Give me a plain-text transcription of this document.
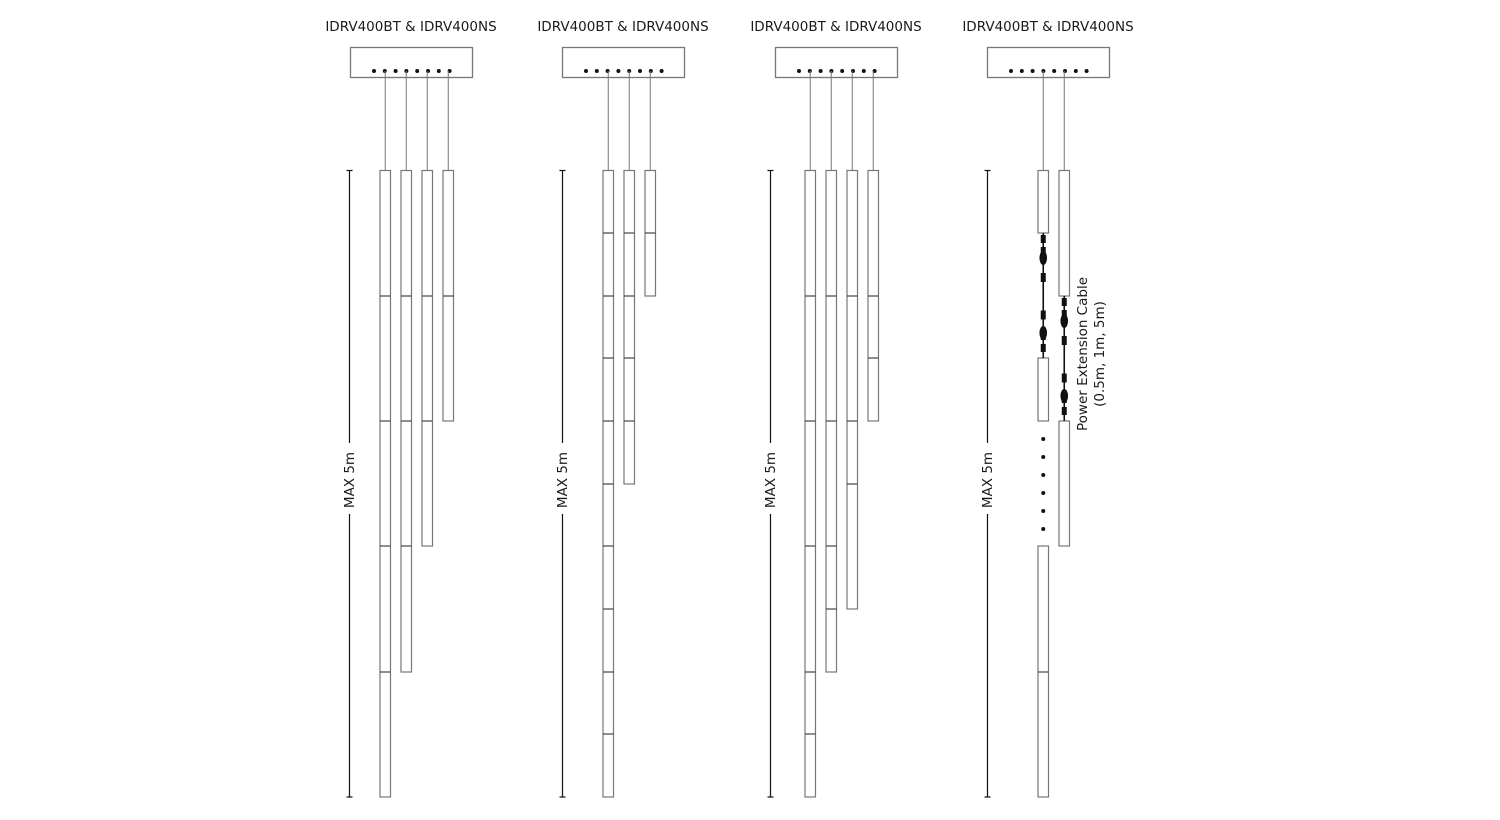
IDRV400BT & IDRV400NS
MAX 5m
IDRV400BT & IDRV400NS
MAX 5m
IDRV400BT & IDRV400NS
MAX 5m
IDRV400BT & IDRV400NS
MAX 5m
Power Extension Cable (0.5m, 1m, 5m)
